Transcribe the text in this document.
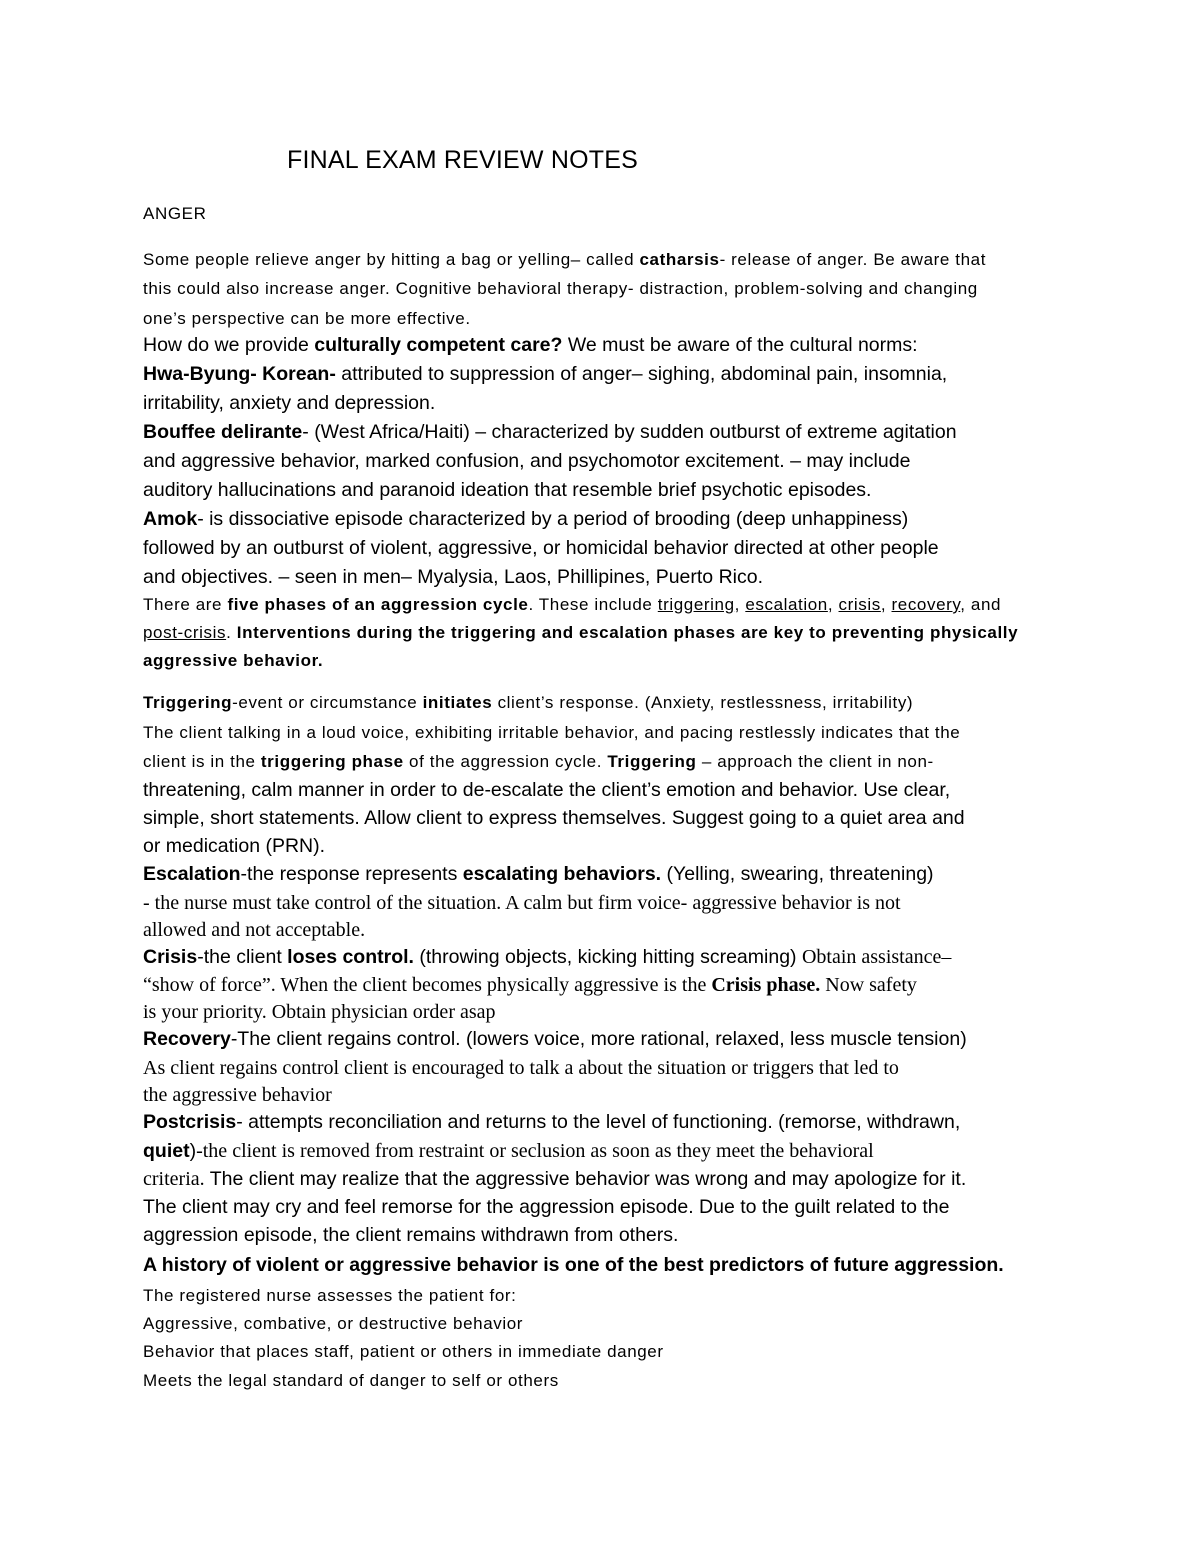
FINAL EXAM REVIEW NOTES
ANGER
Some people relieve anger by hitting a bag or yelling– called catharsis- release of anger. Be aware that
this could also increase anger. Cognitive behavioral therapy- distraction, problem-solving and changing
one’s perspective can be more effective.
How do we provide culturally competent care? We must be aware of the cultural norms:
Hwa-Byung- Korean- attributed to suppression of anger– sighing, abdominal pain, insomnia,
irritability, anxiety and depression.
Bouffee delirante- (West Africa/Haiti) – characterized by sudden outburst of extreme agitation
and aggressive behavior, marked confusion, and psychomotor excitement. – may include
auditory hallucinations and paranoid ideation that resemble brief psychotic episodes.
Amok- is dissociative episode characterized by a period of brooding (deep unhappiness)
followed by an outburst of violent, aggressive, or homicidal behavior directed at other people
and objectives. – seen in men– Myalysia, Laos, Phillipines, Puerto Rico.
There are five phases of an aggression cycle. These include triggering, escalation, crisis, recovery, and
post-crisis. Interventions during the triggering and escalation phases are key to preventing physically
aggressive behavior.
Triggering-event or circumstance initiates client’s response. (Anxiety, restlessness, irritability)
The client talking in a loud voice, exhibiting irritable behavior, and pacing restlessly indicates that the
client is in the triggering phase of the aggression cycle. Triggering – approach the client in non-
threatening, calm manner in order to de-escalate the client’s emotion and behavior. Use clear,
simple, short statements. Allow client to express themselves. Suggest going to a quiet area and
or medication (PRN).
Escalation-the response represents escalating behaviors. (Yelling, swearing, threatening)
- the nurse must take control of the situation. A calm but firm voice- aggressive behavior is not
allowed and not acceptable.
Crisis-the client loses control. (throwing objects, kicking hitting screaming) Obtain assistance–
“show of force”. When the client becomes physically aggressive is the Crisis phase. Now safety
is your priority. Obtain physician order asap
Recovery-The client regains control. (lowers voice, more rational, relaxed, less muscle tension)
As client regains control client is encouraged to talk a about the situation or triggers that led to
the aggressive behavior
Postcrisis- attempts reconciliation and returns to the level of functioning. (remorse, withdrawn,
quiet)-the client is removed from restraint or seclusion as soon as they meet the behavioral
criteria. The client may realize that the aggressive behavior was wrong and may apologize for it.
The client may cry and feel remorse for the aggression episode. Due to the guilt related to the
aggression episode, the client remains withdrawn from others.
A history of violent or aggressive behavior is one of the best predictors of future aggression.
The registered nurse assesses the patient for:
Aggressive, combative, or destructive behavior
Behavior that places staff, patient or others in immediate danger
Meets the legal standard of danger to self or others
